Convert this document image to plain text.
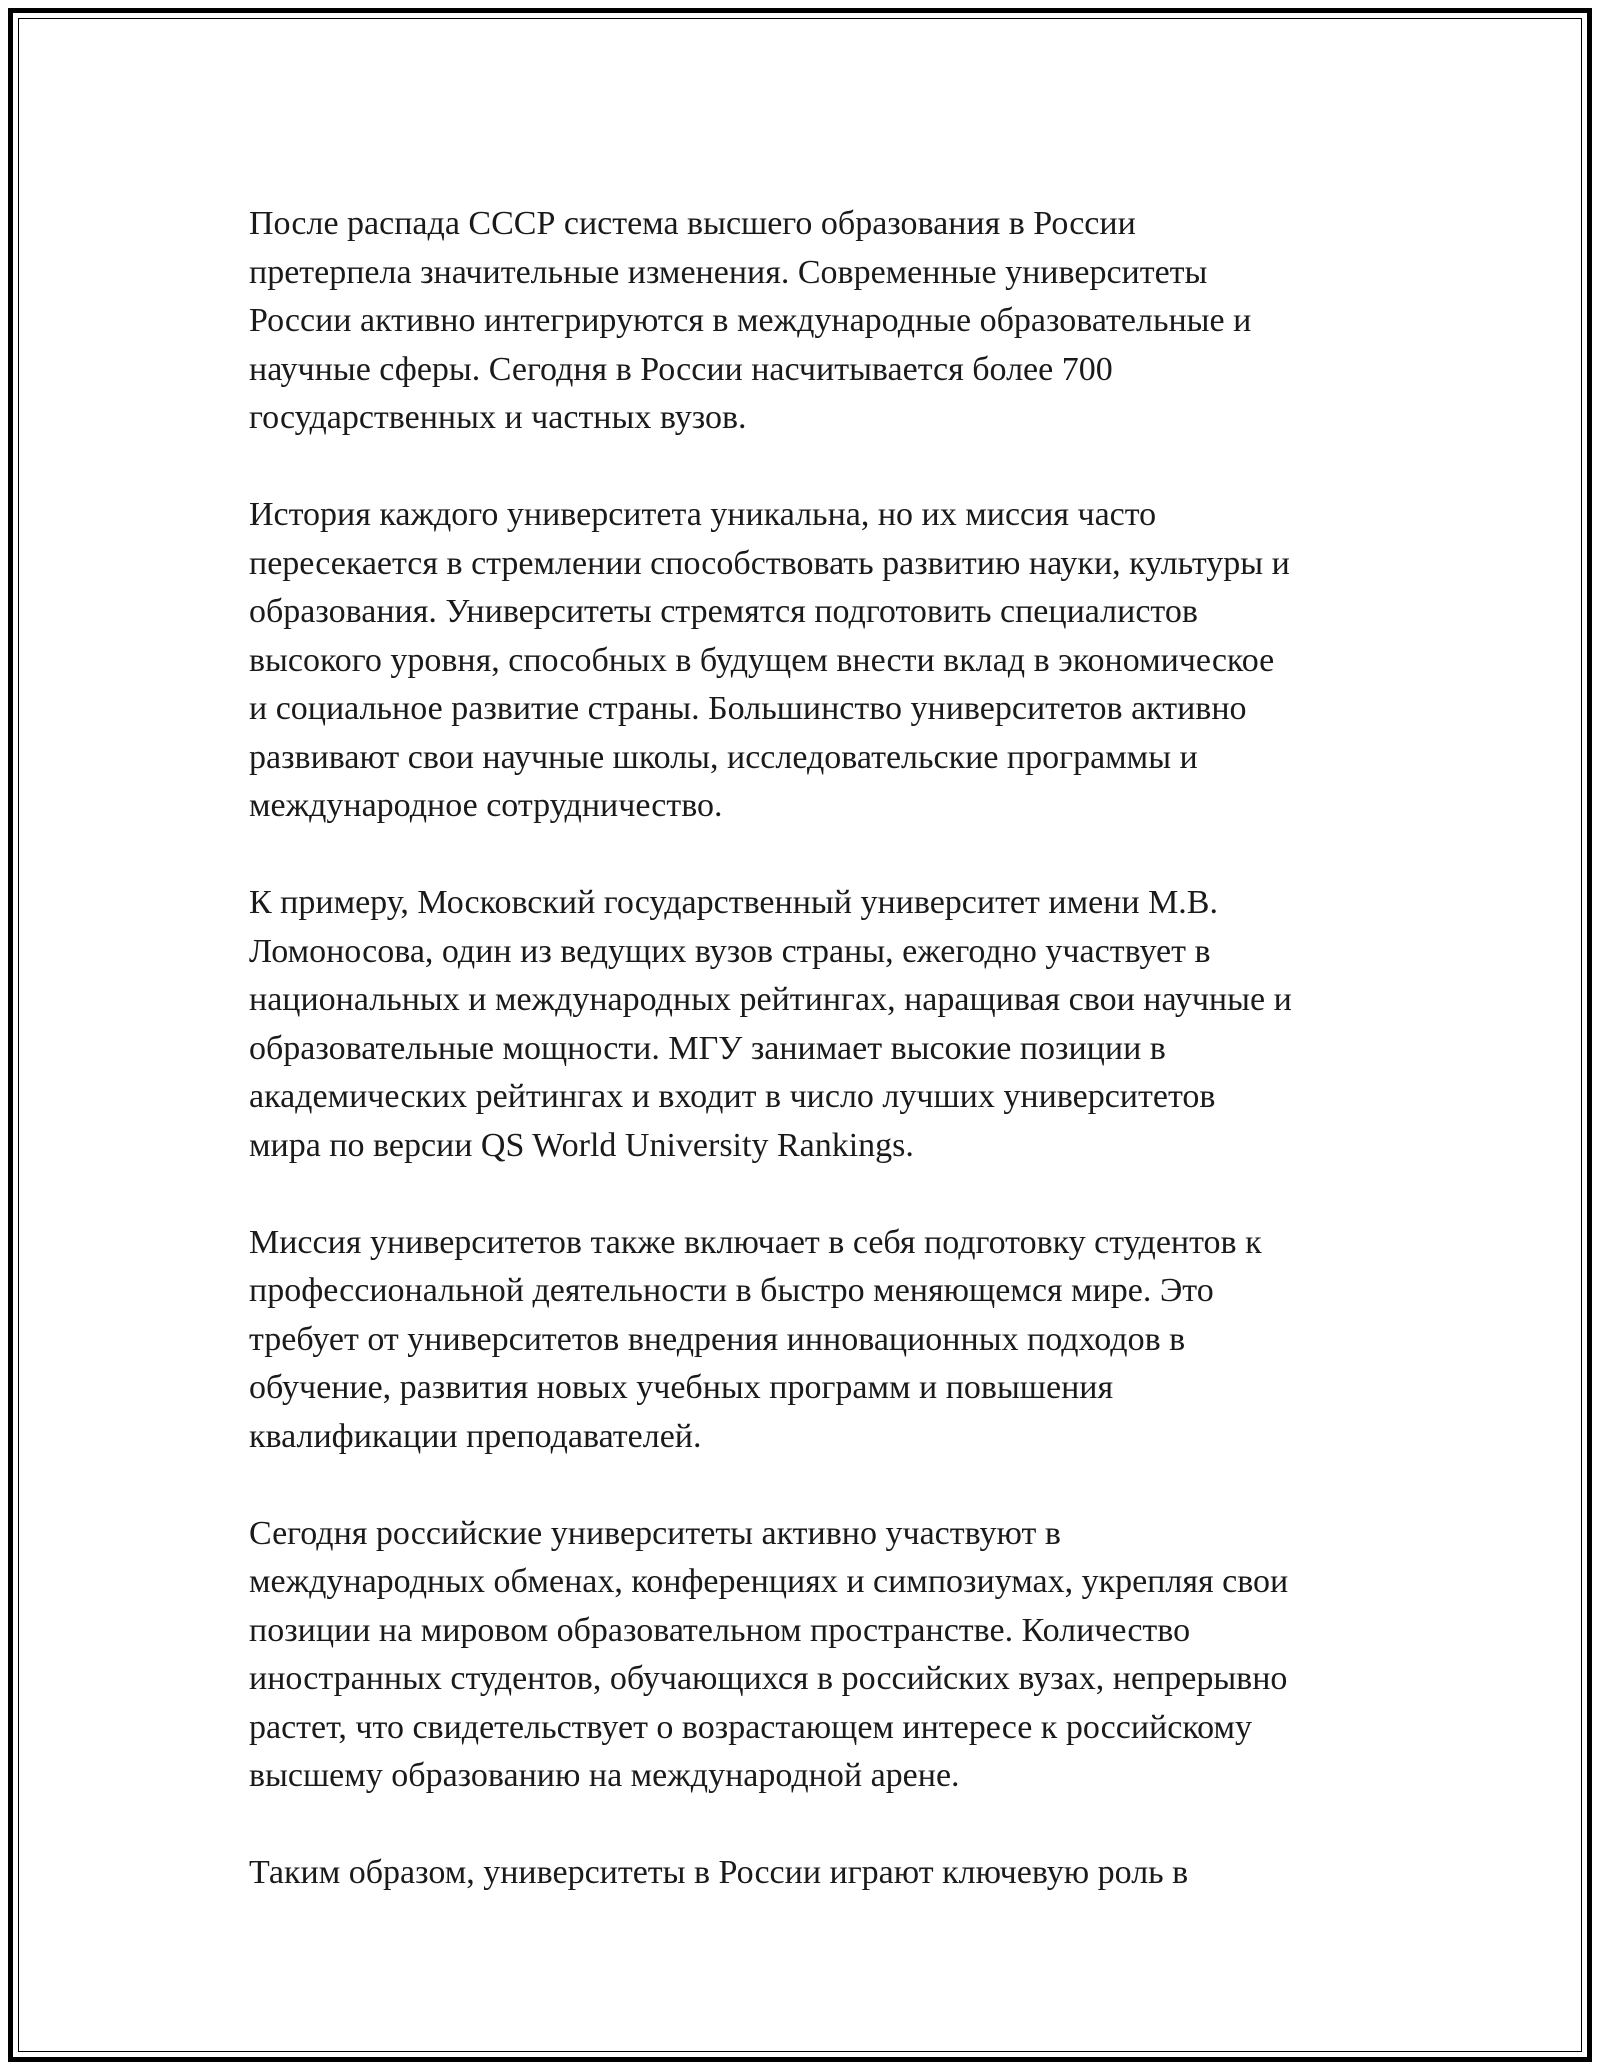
После распада СССР система высшего образования в России
претерпела значительные изменения. Современные университеты
России активно интегрируются в международные образовательные и
научные сферы. Сегодня в России насчитывается более 700
государственных и частных вузов.

История каждого университета уникальна, но их миссия часто
пересекается в стремлении способствовать развитию науки, культуры и
образования. Университеты стремятся подготовить специалистов
высокого уровня, способных в будущем внести вклад в экономическое
и социальное развитие страны. Большинство университетов активно
развивают свои научные школы, исследовательские программы и
международное сотрудничество.

К примеру, Московский государственный университет имени М.В.
Ломоносова, один из ведущих вузов страны, ежегодно участвует в
национальных и международных рейтингах, наращивая свои научные и
образовательные мощности. МГУ занимает высокие позиции в
академических рейтингах и входит в число лучших университетов
мира по версии QS World University Rankings.

Миссия университетов также включает в себя подготовку студентов к
профессиональной деятельности в быстро меняющемся мире. Это
требует от университетов внедрения инновационных подходов в
обучение, развития новых учебных программ и повышения
квалификации преподавателей.

Сегодня российские университеты активно участвуют в
международных обменах, конференциях и симпозиумах, укрепляя свои
позиции на мировом образовательном пространстве. Количество
иностранных студентов, обучающихся в российских вузах, непрерывно
растет, что свидетельствует о возрастающем интересе к российскому
высшему образованию на международной арене.

Таким образом, университеты в России играют ключевую роль в
